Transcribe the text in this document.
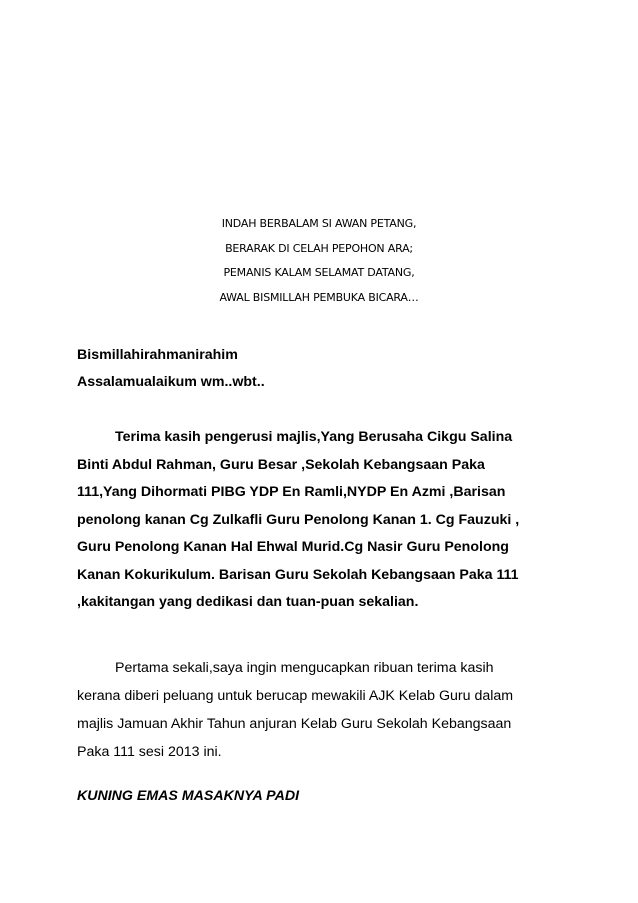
INDAH BERBALAM SI AWAN PETANG,
BERARAK DI CELAH PEPOHON ARA;
PEMANIS KALAM SELAMAT DATANG,
AWAL BISMILLAH PEMBUKA BICARA…
Bismillahirahmanirahim
Assalamualaikum wm..wbt..
Terima kasih pengerusi majlis,Yang Berusaha Cikgu Salina
Binti Abdul Rahman, Guru Besar ,Sekolah Kebangsaan Paka
111,Yang Dihormati PIBG YDP En Ramli,NYDP En Azmi ,Barisan
penolong kanan Cg Zulkafli Guru Penolong Kanan 1. Cg Fauzuki ,
Guru Penolong Kanan Hal Ehwal Murid.Cg Nasir Guru Penolong
Kanan Kokurikulum. Barisan Guru Sekolah Kebangsaan Paka 111
,kakitangan yang dedikasi dan tuan-puan sekalian.
Pertama sekali,saya ingin mengucapkan ribuan terima kasih
kerana diberi peluang untuk berucap mewakili AJK Kelab Guru dalam
majlis Jamuan Akhir Tahun anjuran Kelab Guru Sekolah Kebangsaan
Paka 111 sesi 2013 ini.
KUNING EMAS MASAKNYA PADI
